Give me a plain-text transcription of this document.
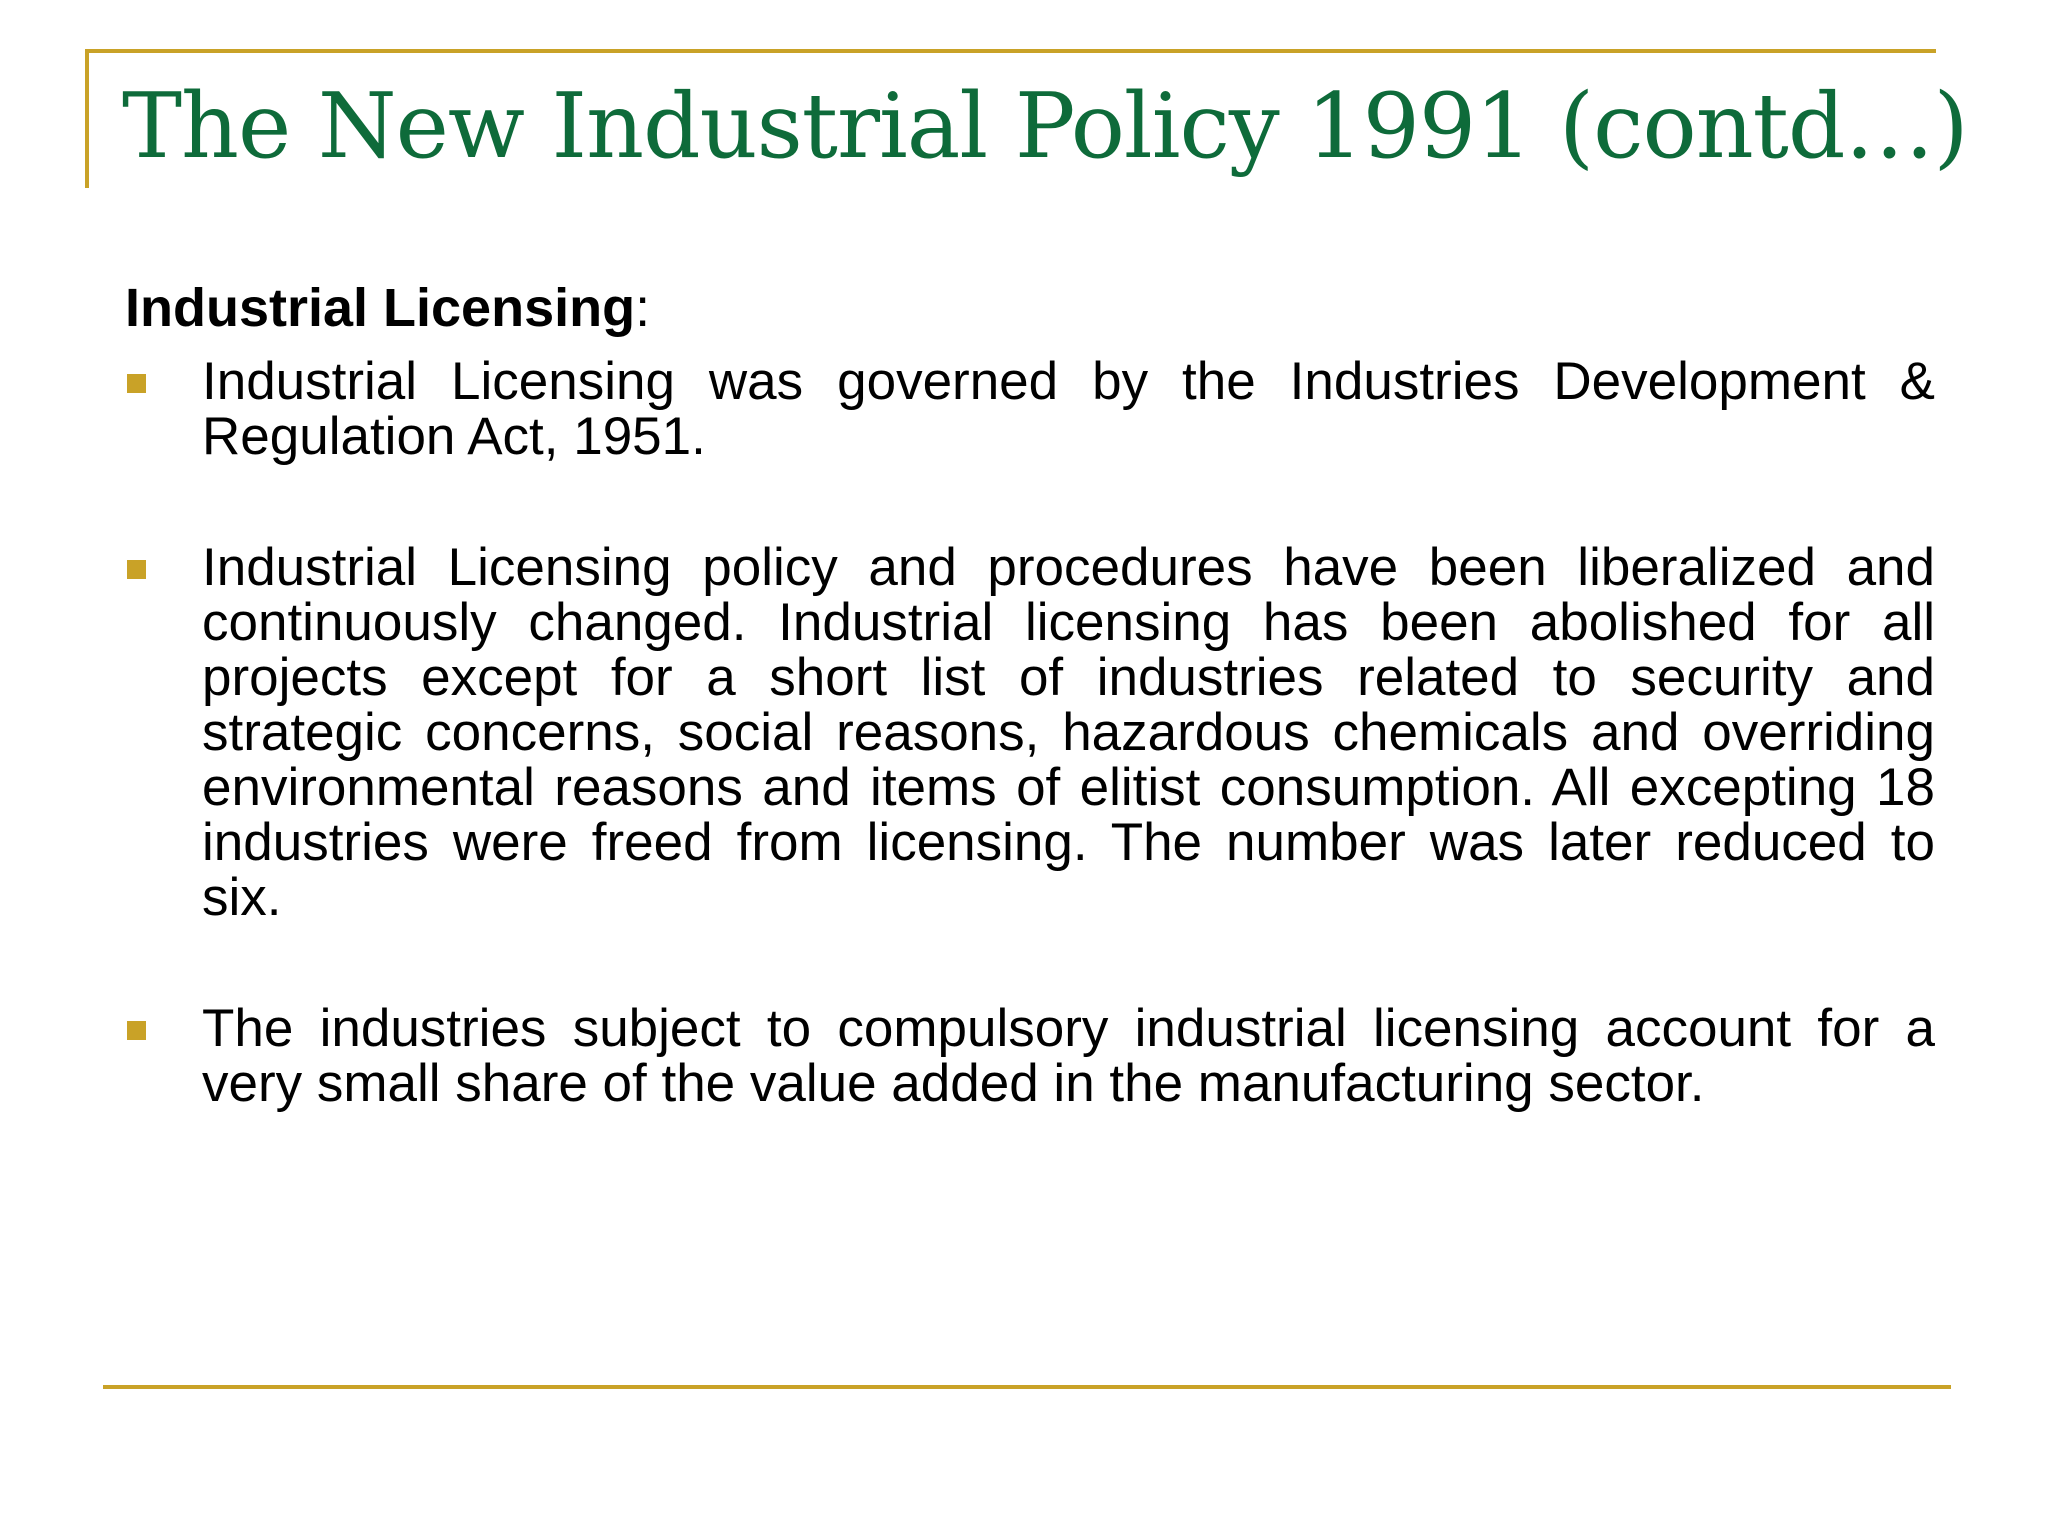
The New Industrial Policy 1991 (contd…)

Industrial Licensing:

Industrial Licensing was governed by the Industries Development & Regulation Act, 1951.
Industrial Licensing policy and procedures have been liberalized and continuously changed. Industrial licensing has been abolished for all projects except for a short list of industries related to security and strategic concerns, social reasons, hazardous chemicals and overriding environmental reasons and items of elitist consumption. All excepting 18 industries were freed from licensing. The number was later reduced to six.
The industries subject to compulsory industrial licensing account for a very small share of the value added in the manufacturing sector.
